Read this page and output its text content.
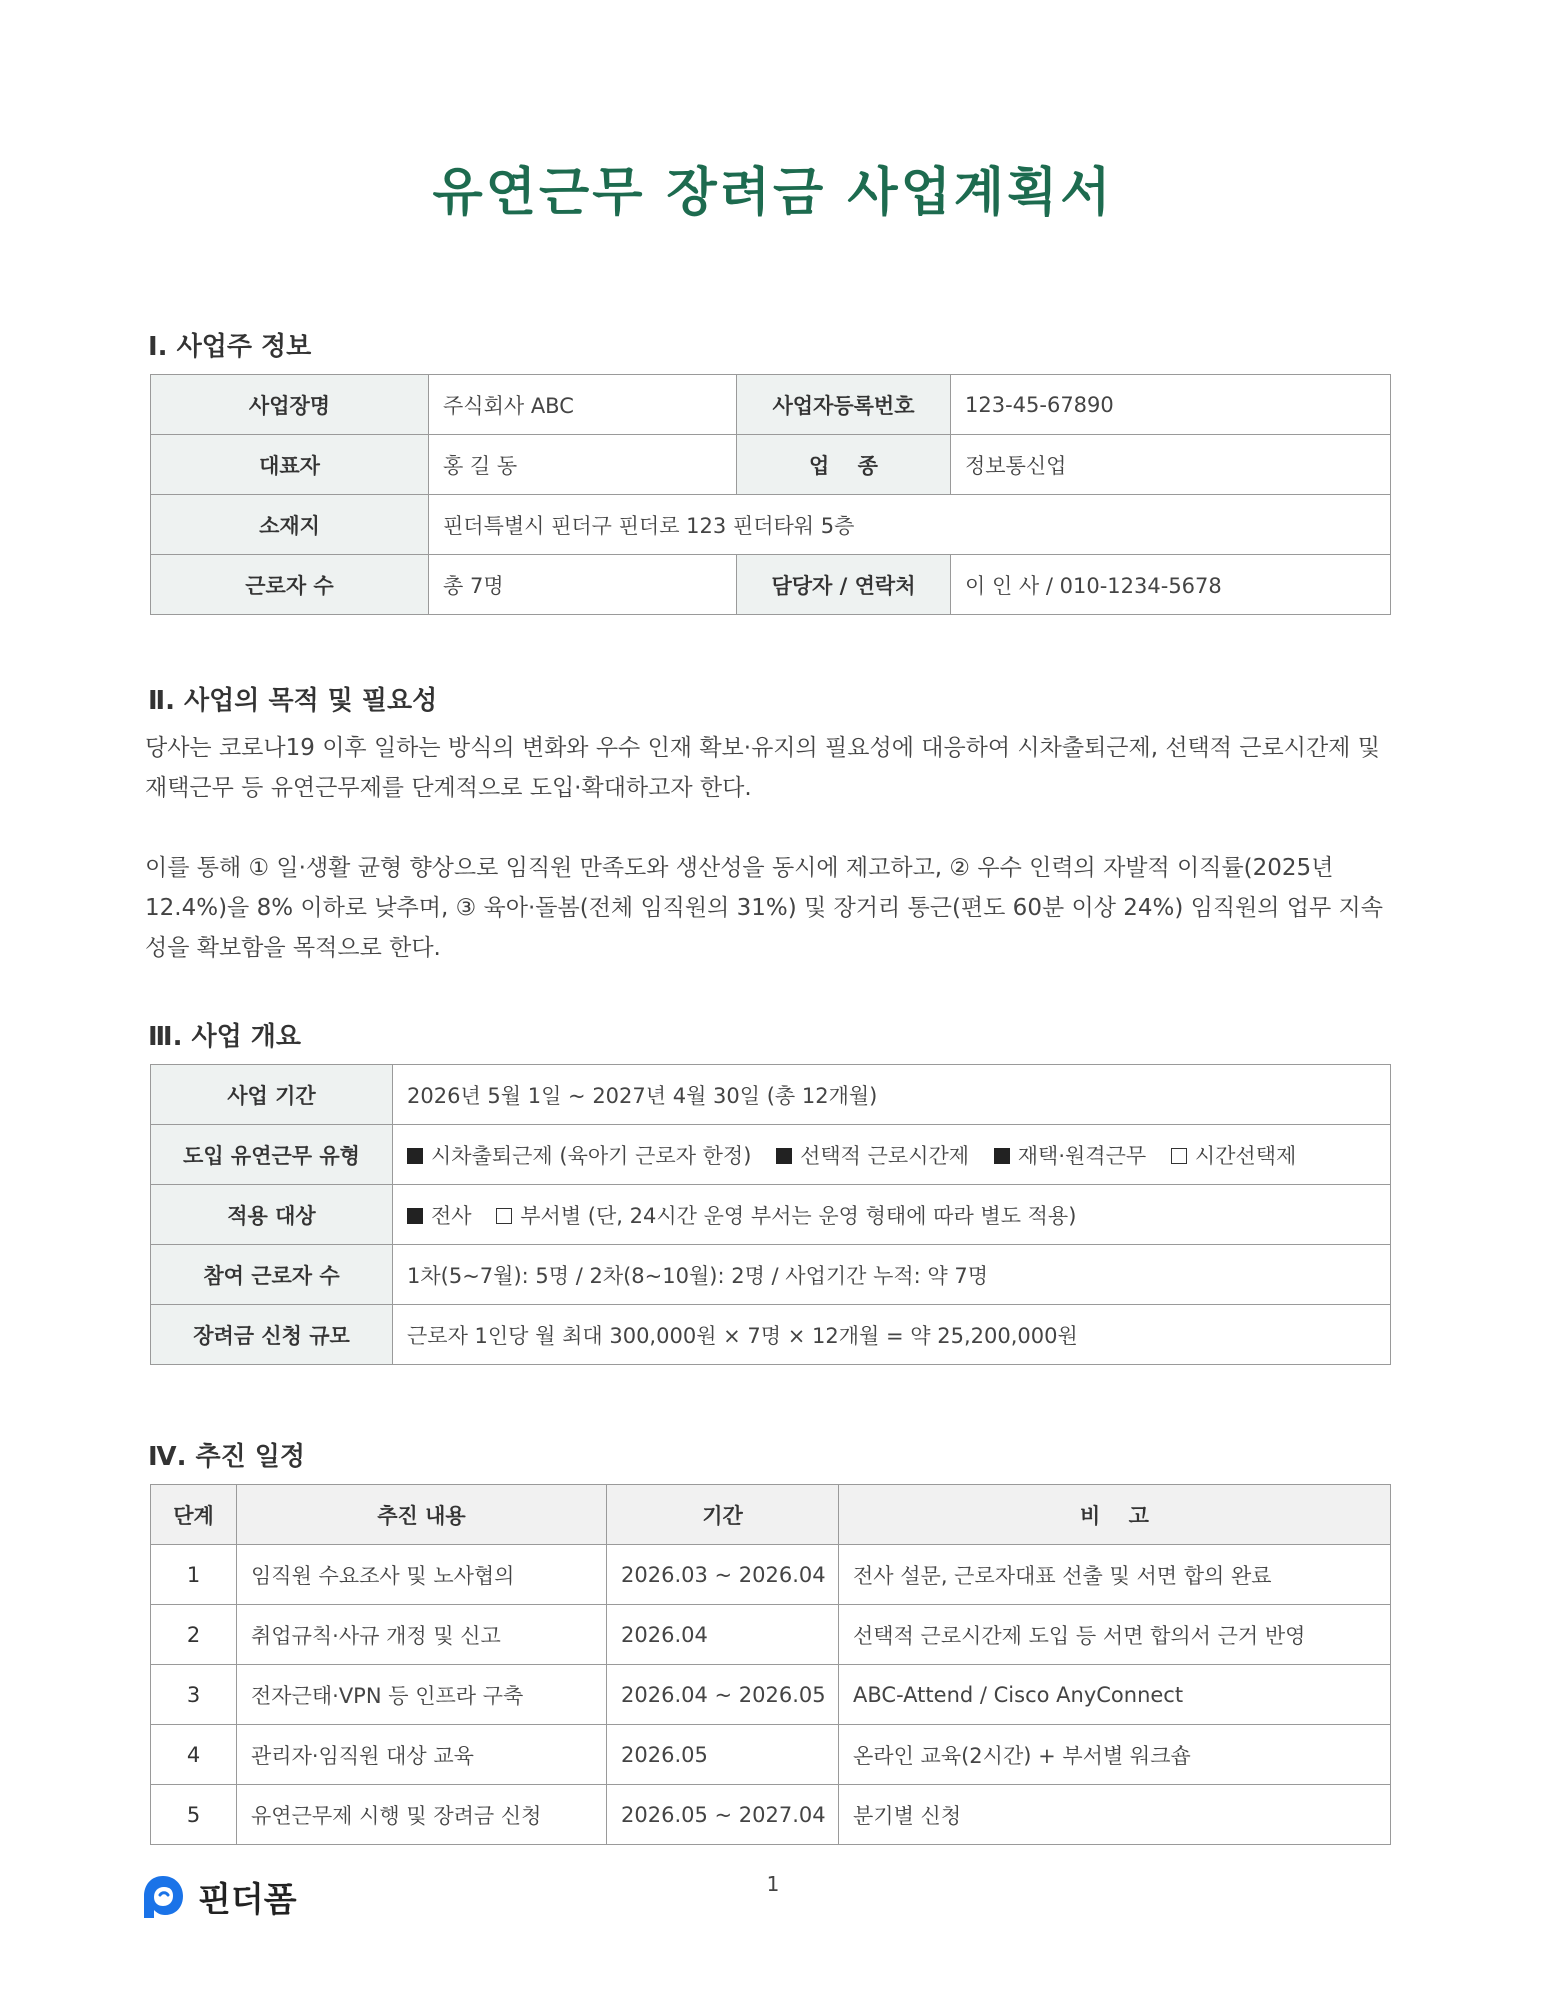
유연근무 장려금 사업계획서
Ⅰ. 사업주 정보
사업장명	주식회사 ABC	사업자등록번호	123-45-67890
대표자	홍 길 동	업　 종	정보통신업
소재지	핀더특별시 핀더구 핀더로 123 핀더타워 5층		
근로자 수	총 7명	담당자 / 연락처	이 인 사 / 010-1234-5678
Ⅱ. 사업의 목적 및 필요성

당사는 코로나19 이후 일하는 방식의 변화와 우수 인재 확보·유지의 필요성에 대응하여 시차출퇴근제, 선택적 근로시간제 및 재택근무 등 유연근무제를 단계적으로 도입·확대하고자 한다.

이를 통해 ① 일·생활 균형 향상으로 임직원 만족도와 생산성을 동시에 제고하고, ② 우수 인력의 자발적 이직률(2025년 12.4%)을 8% 이하로 낮추며, ③ 육아·돌봄(전체 임직원의 31%) 및 장거리 통근(편도 60분 이상 24%) 임직원의 업무 지속성을 확보함을 목적으로 한다.

Ⅲ. 사업 개요
사업 기간	2026년 5월 1일 ~ 2027년 4월 30일 (총 12개월)
도입 유연근무 유형	시차출퇴근제 (육아기 근로자 한정) 선택적 근로시간제 재택·원격근무 시간선택제
적용 대상	전사 부서별 (단, 24시간 운영 부서는 운영 형태에 따라 별도 적용)
참여 근로자 수	1차(5~7월): 5명 / 2차(8~10월): 2명 / 사업기간 누적: 약 7명
장려금 신청 규모	근로자 1인당 월 최대 300,000원 × 7명 × 12개월 = 약 25,200,000원
Ⅳ. 추진 일정
단계	추진 내용	기간	비　 고
1	임직원 수요조사 및 노사협의	2026.03 ~ 2026.04	전사 설문, 근로자대표 선출 및 서면 합의 완료
2	취업규칙·사규 개정 및 신고	2026.04	선택적 근로시간제 도입 등 서면 합의서 근거 반영
3	전자근태·VPN 등 인프라 구축	2026.04 ~ 2026.05	ABC-Attend / Cisco AnyConnect
4	관리자·임직원 대상 교육	2026.05	온라인 교육(2시간) + 부서별 워크숍
5	유연근무제 시행 및 장려금 신청	2026.05 ~ 2027.04	분기별 신청
핀더폼	1
